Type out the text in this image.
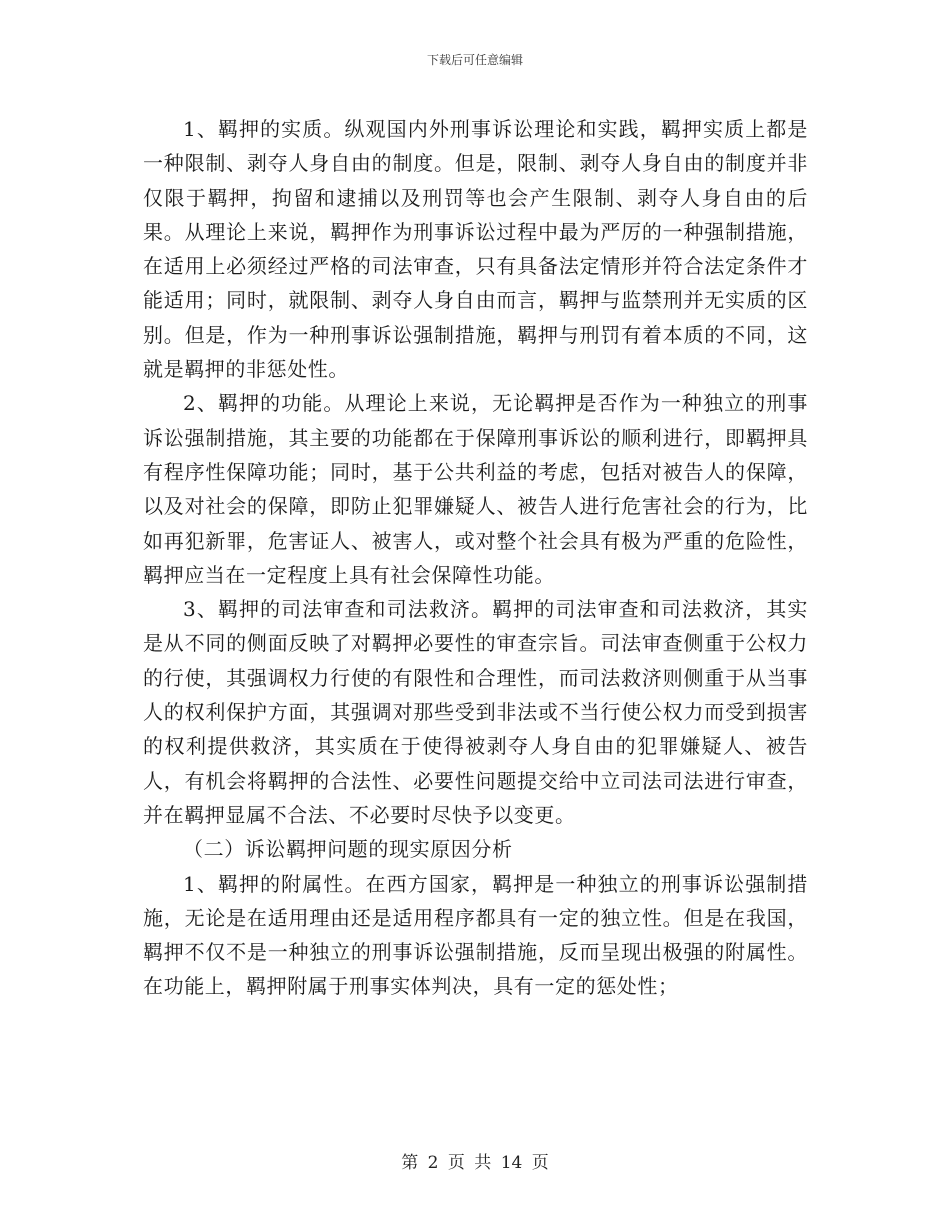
下载后可任意编辑

1、羁押的实质。纵观国内外刑事诉讼理论和实践，羁押实质上都是一种限制、剥夺人身自由的制度。但是，限制、剥夺人身自由的制度并非仅限于羁押，拘留和逮捕以及刑罚等也会产生限制、剥夺人身自由的后果。从理论上来说，羁押作为刑事诉讼过程中最为严厉的一种强制措施，在适用上必须经过严格的司法审查，只有具备法定情形并符合法定条件才能适用；同时，就限制、剥夺人身自由而言，羁押与监禁刑并无实质的区别。但是，作为一种刑事诉讼强制措施，羁押与刑罚有着本质的不同，这就是羁押的非惩处性。

2、羁押的功能。从理论上来说，无论羁押是否作为一种独立的刑事诉讼强制措施，其主要的功能都在于保障刑事诉讼的顺利进行，即羁押具有程序性保障功能；同时，基于公共利益的考虑，包括对被告人的保障，以及对社会的保障，即防止犯罪嫌疑人、被告人进行危害社会的行为，比如再犯新罪，危害证人、被害人，或对整个社会具有极为严重的危险性，羁押应当在一定程度上具有社会保障性功能。

3、羁押的司法审查和司法救济。羁押的司法审查和司法救济，其实是从不同的侧面反映了对羁押必要性的审查宗旨。司法审查侧重于公权力的行使，其强调权力行使的有限性和合理性，而司法救济则侧重于从当事人的权利保护方面，其强调对那些受到非法或不当行使公权力而受到损害的权利提供救济，其实质在于使得被剥夺人身自由的犯罪嫌疑人、被告人，有机会将羁押的合法性、必要性问题提交给中立司法司法进行审查，并在羁押显属不合法、不必要时尽快予以变更。

（二）诉讼羁押问题的现实原因分析

1、羁押的附属性。在西方国家，羁押是一种独立的刑事诉讼强制措施，无论是在适用理由还是适用程序都具有一定的独立性。但是在我国，羁押不仅不是一种独立的刑事诉讼强制措施，反而呈现出极强的附属性。在功能上，羁押附属于刑事实体判决，具有一定的惩处性；

第 2 页 共 14 页
